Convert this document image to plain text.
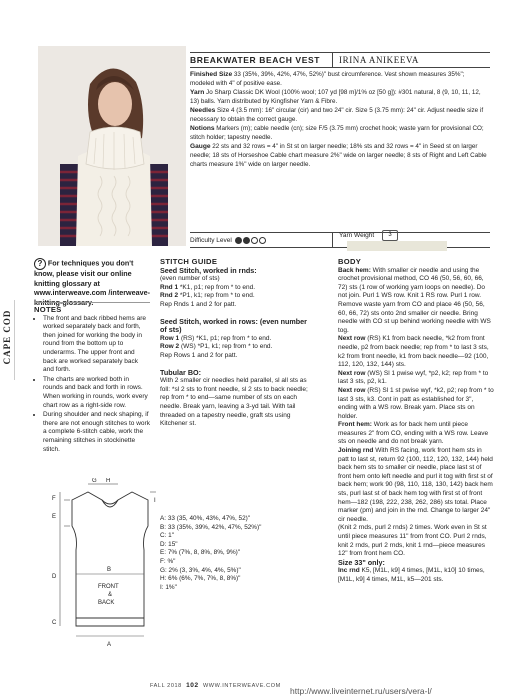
BREAKWATER BEACH VEST	IRINA ANIKEEVA

Finished Size 33 (35%, 39%, 42%, 47%, 52%)" bust circumference. Vest shown measures 35%"; modeled with 4" of positive ease.

Yarn Jo Sharp Classic DK Wool (100% wool; 107 yd [98 m]/1% oz [50 g]): #301 natural, 8 (9, 10, 11, 12, 13) balls. Yarn distributed by Kingfisher Yarn & Fibre.

Needles Size 4 (3.5 mm): 16" circular (cir) and two 24" cir. Size 5 (3.75 mm): 24" cir. Adjust needle size if necessary to obtain the correct gauge.

Notions Markers (m); cable needle (cn); size F/5 (3.75 mm) crochet hook; waste yarn for provisional CO; stitch holder; tapestry needle.

Gauge 22 sts and 32 rows = 4" in St st on larger needle; 18% sts and 32 rows = 4" in Seed st on larger needle; 18 sts of Horseshoe Cable chart measure 2%" wide on larger needle; 8 sts of Right and Left Cable charts measure 1%" wide on larger needle.

Difficulty Level

Yarn Weight 3
CAPE COD

? For techniques you don't know, please visit our online knitting glossary at www.interweave.com /interweave-knitting-glossary.

NOTES

• The front and back ribbed hems are worked separately back and forth, then joined for working the body in round from the bottom up to underarms. The upper front and back are worked separately back and forth.
• The charts are worked both in rounds and back and forth in rows. When working in rounds, work every chart row as a right-side row.
• During shoulder and neck shaping, if there are not enough stitches to work a complete 6-stitch cable, work the remaining stitches in stockinette stitch.

STITCH GUIDE

Seed Stitch, worked in rnds:

(even number of sts)

Rnd 1 *K1, p1; rep from * to end.

Rnd 2 *P1, k1; rep from * to end.

Rep Rnds 1 and 2 for patt.

Seed Stitch, worked in rows: (even number of sts)

Row 1 (RS) *K1, p1; rep from * to end.

Row 2 (WS) *P1, k1; rep from * to end.

Rep Rows 1 and 2 for patt.

Tubular BO:

With 2 smaller cir needles held parallel, sl all sts as foll: *sl 2 sts to front needle, sl 2 sts to back needle; rep from * to end—same number of sts on each needle. Break yarn, leaving a 3-yd tail. With tail threaded on a tapestry needle, graft sts using Kitchener st.

G H
F	I
E
B
D
C
A
FRONT
&
BACK

A: 33 (35, 40%, 43%, 47%, 52)"

B: 33 (35%, 39%, 42%, 47%, 52%)"

C: 1"

D: 15"

E: 7% (7%, 8, 8%, 8%, 9%)"

F: %"

G: 2% (3, 3%, 4%, 4%, 5%)"

H: 6% (6%, 7%, 7%, 8, 8%)"

I: 1%"

BODY

Back hem: With smaller cir needle and using the crochet provisional method, CO 46 (50, 56, 60, 66, 72) sts (1 row of working yarn loops on needle). Do not join. Purl 1 WS row. Knit 1 RS row. Purl 1 row. Remove waste yarn from CO and place 46 (50, 56, 60, 66, 72) sts onto 2nd smaller cir needle. Bring needle with CO st up behind working needle with WS tog.

Next row (RS) K1 from back needle, *k2 from front needle, p2 from back needle; rep from * to last 3 sts, k2 from front needle, k1 from back needle—92 (100, 112, 120, 132, 144) sts.

Next row (WS) Sl 1 pwise wyf, *p2, k2; rep from * to last 3 sts, p2, k1.

Next row (RS) Sl 1 st pwise wyf, *k2, p2; rep from * to last 3 sts, k3. Cont in patt as established for 3", ending with a WS row. Break yarn. Place sts on holder.

Front hem: Work as for back hem until piece measures 2" from CO, ending with a WS row. Leave sts on needle and do not break yarn.

Joining rnd With RS facing, work front hem sts in patt to last st, return 92 (100, 112, 120, 132, 144) held back hem sts to smaller cir needle, place last st of front hem onto left needle and purl it tog with first st of back hem; work 90 (98, 110, 118, 130, 142) back hem sts, purl last st of back hem tog with first st of front hem—182 (198, 222, 238, 262, 286) sts total. Place marker (pm) and join in the rnd. Change to larger 24" cir needle.

(Knit 2 rnds, purl 2 rnds) 2 times. Work even in St st until piece measures 11" from front CO. Purl 2 rnds, knit 2 rnds, purl 2 rnds, knit 1 rnd—piece measures 12" from front hem CO.

Size 33" only:

Inc rnd K5, [M1L, k9] 4 times, [M1L, k10] 10 times, [M1L, k9] 4 times, M1L, k5—201 sts.

FALL 2018 102 WWW.INTERWEAVE.COM http://www.liveinternet.ru/users/vera-l/
